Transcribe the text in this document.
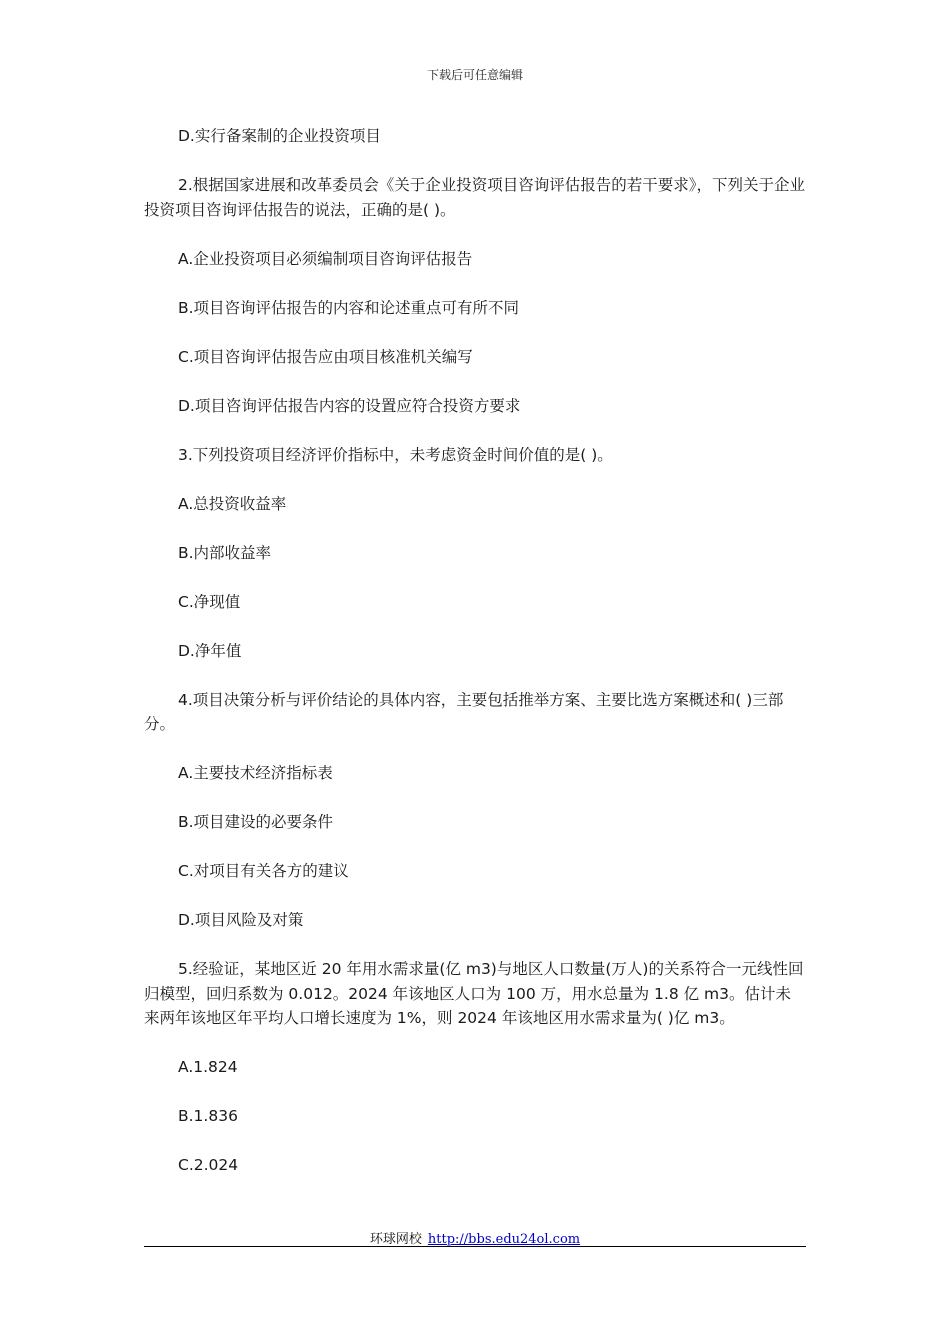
下载后可任意编辑

D.实行备案制的企业投资项目

2.根据国家进展和改革委员会《关于企业投资项目咨询评估报告的若干要求》，下列关于企业投资项目咨询评估报告的说法，正确的是( )。

A.企业投资项目必须编制项目咨询评估报告

B.项目咨询评估报告的内容和论述重点可有所不同

C.项目咨询评估报告应由项目核准机关编写

D.项目咨询评估报告内容的设置应符合投资方要求

3.下列投资项目经济评价指标中，未考虑资金时间价值的是( )。

A.总投资收益率

B.内部收益率

C.净现值

D.净年值

4.项目决策分析与评价结论的具体内容，主要包括推举方案、主要比选方案概述和( )三部分。

A.主要技术经济指标表

B.项目建设的必要条件

C.对项目有关各方的建议

D.项目风险及对策

5.经验证，某地区近 20 年用水需求量(亿 m3)与地区人口数量(万人)的关系符合一元线性回归模型，回归系数为 0.012。2024 年该地区人口为 100 万，用水总量为 1.8 亿 m3。估计未来两年该地区年平均人口增长速度为 1%，则 2024 年该地区用水需求量为( )亿 m3。

A.1.824

B.1.836

C.2.024

环球网校 http://bbs.edu24ol.com
